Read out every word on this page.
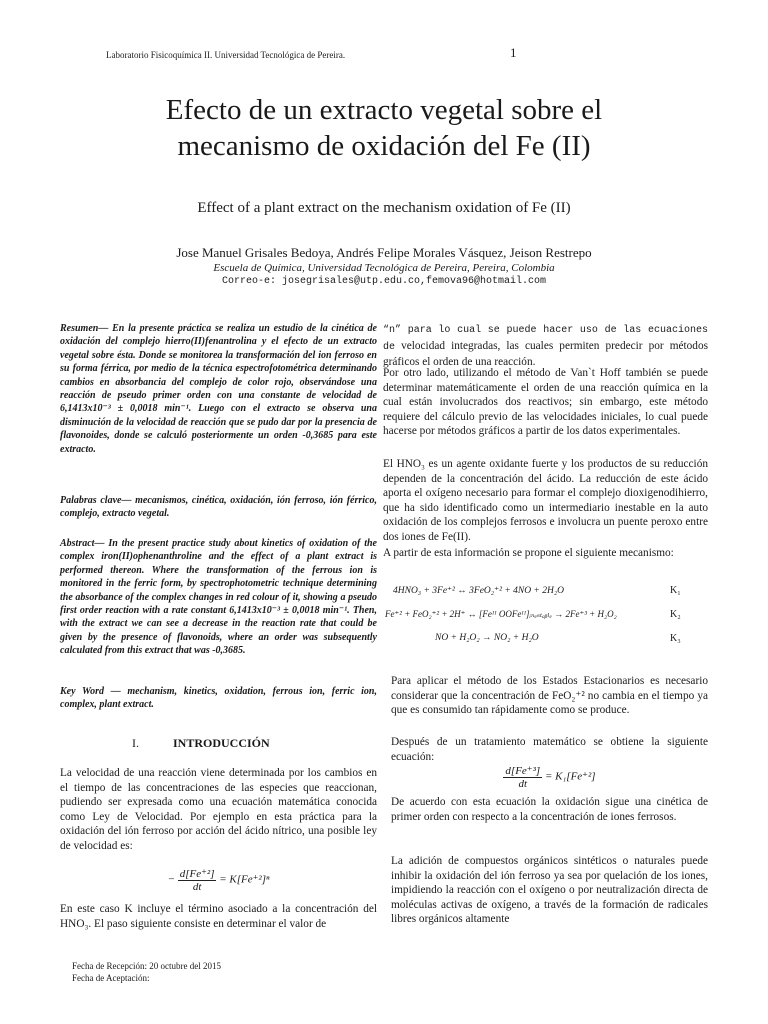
Laboratorio Fisicoquímica II. Universidad Tecnológica de Pereira.	1
Efecto de un extracto vegetal sobre el
mecanismo de oxidación del Fe (II)
Effect of a plant extract on the mechanism oxidation of Fe (II)
Jose Manuel Grisales Bedoya, Andrés Felipe Morales Vásquez, Jeison Restrepo
Escuela de Química, Universidad Tecnológica de Pereira, Pereira, Colombia
Correo-e: josegrisales@utp.edu.co,femova96@hotmail.com
Resumen— En la presente práctica se realiza un estudio de la cinética de oxidación del complejo hierro(II)fenantrolina y el efecto de un extracto vegetal sobre ésta. Donde se monitorea la transformación del ion ferroso en su forma férrica, por medio de la técnica espectrofotométrica determinando cambios en absorbancia del complejo de color rojo, observándose una reacción de pseudo primer orden con una constante de velocidad de 6,1413x10⁻³ ± 0,0018 min⁻¹. Luego con el extracto se observa una disminución de la velocidad de reacción que se pudo dar por la presencia de flavonoides, donde se calculó posteriormente un orden -0,3685 para este extracto.
Palabras clave— mecanismos, cinética, oxidación, ión ferroso, ión férrico, complejo, extracto vegetal.
Abstract— In the present practice study about kinetics of oxidation of the complex iron(II)ophenanthroline and the effect of a plant extract is performed thereon. Where the transformation of the ferrous ion is monitored in the ferric form, by spectrophotometric technique determining the absorbance of the complex changes in red colour of it, showing a pseudo first order reaction with a rate constant 6,1413x10⁻³ ± 0,0018 min⁻¹. Then, with the extract we can see a decrease in the reaction rate that could be given by the presence of flavonoids, where an order was subsequently calculated from this extract that was -0,3685.
Key Word — mechanism, kinetics, oxidation, ferrous ion, ferric ion, complex, plant extract.
I.	INTRODUCCIÓN
La velocidad de una reacción viene determinada por los cambios en el tiempo de las concentraciones de las especies que reaccionan, pudiendo ser expresada como una ecuación matemática conocida como Ley de Velocidad. Por ejemplo en esta práctica para la oxidación del ión ferroso por acción del ácido nítrico, una posible ley de velocidad es:
− $\frac{\text{d[Fe⁺²]}}{dt} = K[Fe^{+2}]^n$
En este caso K incluye el término asociado a la concentración del HNO₃. El paso siguiente consiste en determinar el valor de
Fecha de Recepción: 20 octubre del 2015
Fecha de Aceptación:
“n” para lo cual se puede hacer uso de las ecuaciones de velocidad integradas, las cuales permiten predecir por métodos gráficos el orden de una reacción.
Por otro lado, utilizando el método de Van`t Hoff también se puede determinar matemáticamente el orden de una reacción química en la cual están involucrados dos reactivos; sin embargo, este método requiere del cálculo previo de las velocidades iniciales, lo cual puede hacerse por métodos gráficos a partir de los datos experimentales.
El HNO₃ es un agente oxidante fuerte y los productos de su reducción dependen de la concentración del ácido. La reducción de este ácido aporta el oxígeno necesario para formar el complejo dioxigenodihierro, que ha sido identificado como un intermediario inestable en la auto oxidación de los complejos ferrosos e involucra un puente peroxo entre dos iones de Fe(II).
A partir de esta información se propone el siguiente mecanismo:
4HNO₃ + 3Fe⁺² ↔ 3FeO₂⁺² + 4NO + 2H₂O	K₁
Fe⁺² + FeO₂⁺² + 2H⁺ ↔ [Feᴵᴵ OOFeᴵᴵ]ᵢₙₑₛₜₐᵦₗₑ → 2Fe⁺³ + H₂O₂	K₂
NO + H₂O₂ → NO₂ + H₂O	K₃
Para aplicar el método de los Estados Estacionarios es necesario considerar que la concentración de FeO₂⁺² no cambia en el tiempo ya que es consumido tan rápidamente como se produce.
Después de un tratamiento matemático se obtiene la siguiente ecuación:
$\frac{\text{d[Fe⁺³]}}{dt} = K_1[Fe^{+2}]$
De acuerdo con esta ecuación la oxidación sigue una cinética de primer orden con respecto a la concentración de iones ferrosos.
La adición de compuestos orgánicos sintéticos o naturales puede inhibir la oxidación del ión ferroso ya sea por quelación de los iones, impidiendo la reacción con el oxígeno o por neutralización directa de moléculas activas de oxígeno, a través de la formación de radicales libres orgánicos altamente
